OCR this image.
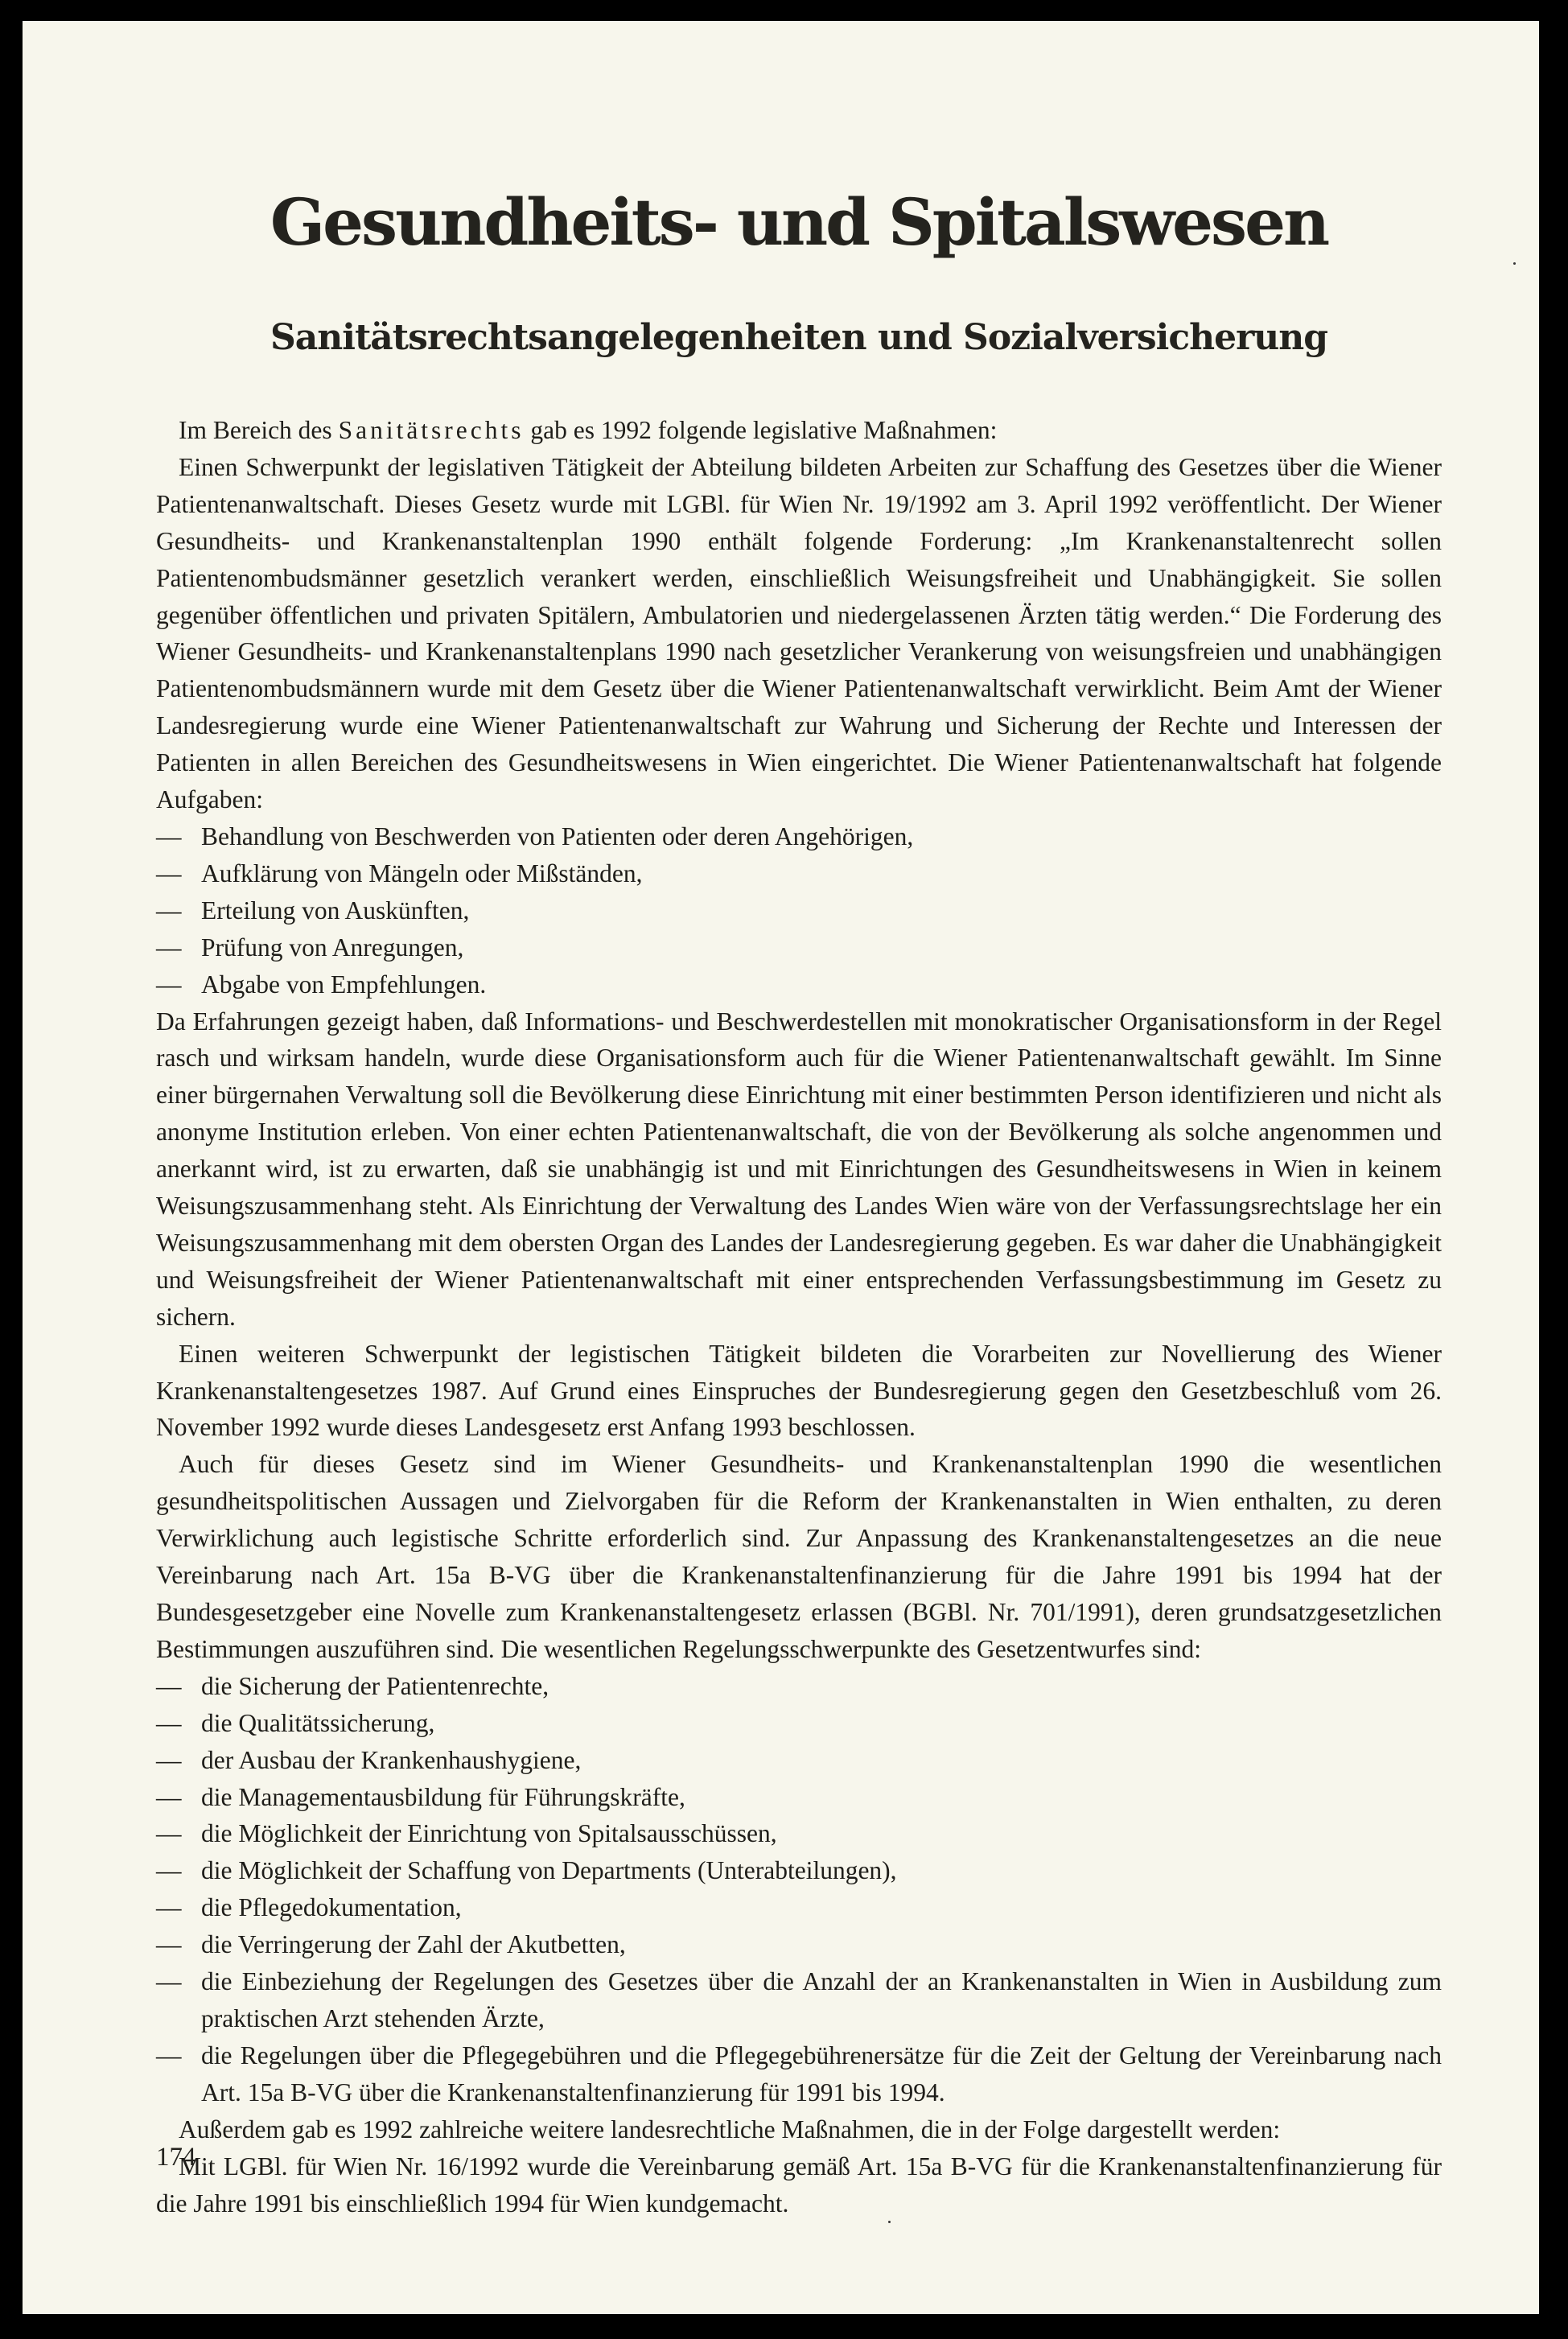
Gesundheits- und Spitalswesen
Sanitätsrechtsangelegenheiten und Sozialversicherung

Im Bereich des Sanitätsrechts gab es 1992 folgende legislative Maßnahmen:

Einen Schwerpunkt der legislativen Tätigkeit der Abteilung bildeten Arbeiten zur Schaffung des Gesetzes über die Wiener Patientenanwaltschaft. Dieses Gesetz wurde mit LGBl. für Wien Nr. 19/1992 am 3. April 1992 veröffentlicht. Der Wiener Gesundheits- und Krankenanstaltenplan 1990 enthält folgende Forderung: „Im Krankenanstaltenrecht sollen Patientenombudsmänner gesetzlich verankert werden, einschließlich Weisungsfreiheit und Unabhängigkeit. Sie sollen gegenüber öffentlichen und privaten Spitälern, Ambulatorien und niedergelassenen Ärzten tätig werden.“ Die Forderung des Wiener Gesundheits- und Krankenanstaltenplans 1990 nach gesetzlicher Verankerung von weisungsfreien und unabhängigen Patientenombudsmännern wurde mit dem Gesetz über die Wiener Patientenanwaltschaft verwirklicht. Beim Amt der Wiener Landesregierung wurde eine Wiener Patientenanwaltschaft zur Wahrung und Sicherung der Rechte und Interessen der Patienten in allen Bereichen des Gesundheitswesens in Wien eingerichtet. Die Wiener Patientenanwaltschaft hat folgende Aufgaben:

— Behandlung von Beschwerden von Patienten oder deren Angehörigen,
— Aufklärung von Mängeln oder Mißständen,
— Erteilung von Auskünften,
— Prüfung von Anregungen,
— Abgabe von Empfehlungen.

Da Erfahrungen gezeigt haben, daß Informations- und Beschwerdestellen mit monokratischer Organisationsform in der Regel rasch und wirksam handeln, wurde diese Organisationsform auch für die Wiener Patientenanwaltschaft gewählt. Im Sinne einer bürgernahen Verwaltung soll die Bevölkerung diese Einrichtung mit einer bestimmten Person identifizieren und nicht als anonyme Institution erleben. Von einer echten Patientenanwaltschaft, die von der Bevölkerung als solche angenommen und anerkannt wird, ist zu erwarten, daß sie unabhängig ist und mit Einrichtungen des Gesundheitswesens in Wien in keinem Weisungszusammenhang steht. Als Einrichtung der Verwaltung des Landes Wien wäre von der Verfassungsrechtslage her ein Weisungszusammenhang mit dem obersten Organ des Landes der Landesregierung gegeben. Es war daher die Unabhängigkeit und Weisungsfreiheit der Wiener Patientenanwaltschaft mit einer entsprechenden Verfassungsbestimmung im Gesetz zu sichern.

Einen weiteren Schwerpunkt der legistischen Tätigkeit bildeten die Vorarbeiten zur Novellierung des Wiener Krankenanstaltengesetzes 1987. Auf Grund eines Einspruches der Bundesregierung gegen den Gesetzbeschluß vom 26. November 1992 wurde dieses Landesgesetz erst Anfang 1993 beschlossen.

Auch für dieses Gesetz sind im Wiener Gesundheits- und Krankenanstaltenplan 1990 die wesentlichen gesundheitspolitischen Aussagen und Zielvorgaben für die Reform der Krankenanstalten in Wien enthalten, zu deren Verwirklichung auch legistische Schritte erforderlich sind. Zur Anpassung des Krankenanstaltengesetzes an die neue Vereinbarung nach Art. 15a B-VG über die Krankenanstaltenfinanzierung für die Jahre 1991 bis 1994 hat der Bundesgesetzgeber eine Novelle zum Krankenanstaltengesetz erlassen (BGBl. Nr. 701/1991), deren grundsatzgesetzlichen Bestimmungen auszuführen sind. Die wesentlichen Regelungsschwerpunkte des Gesetzentwurfes sind:

— die Sicherung der Patientenrechte,
— die Qualitätssicherung,
— der Ausbau der Krankenhaushygiene,
— die Managementausbildung für Führungskräfte,
— die Möglichkeit der Einrichtung von Spitalsausschüssen,
— die Möglichkeit der Schaffung von Departments (Unterabteilungen),
— die Pflegedokumentation,
— die Verringerung der Zahl der Akutbetten,
— die Einbeziehung der Regelungen des Gesetzes über die Anzahl der an Krankenanstalten in Wien in Ausbildung zum praktischen Arzt stehenden Ärzte,
— die Regelungen über die Pflegegebühren und die Pflegegebührenersätze für die Zeit der Geltung der Vereinbarung nach Art. 15a B-VG über die Krankenanstaltenfinanzierung für 1991 bis 1994.

Außerdem gab es 1992 zahlreiche weitere landesrechtliche Maßnahmen, die in der Folge dargestellt werden:

Mit LGBl. für Wien Nr. 16/1992 wurde die Vereinbarung gemäß Art. 15a B-VG für die Krankenanstaltenfinanzierung für die Jahre 1991 bis einschließlich 1994 für Wien kundgemacht.

174
